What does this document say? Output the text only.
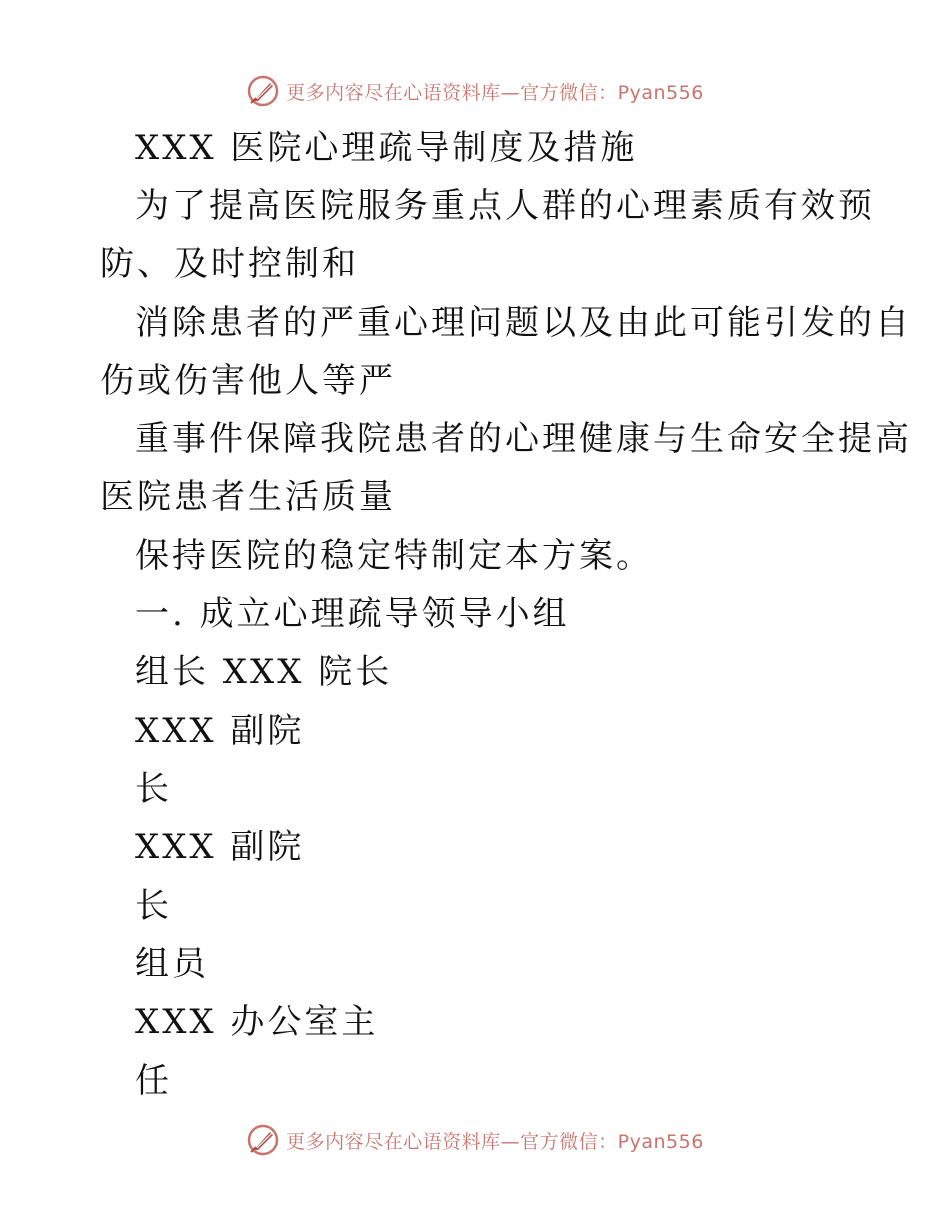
更多内容尽在心语资料库—官方微信：Pyan556
XXX 医院心理疏导制度及措施
为了提高医院服务重点人群的心理素质有效预
防、及时控制和
消除患者的严重心理问题以及由此可能引发的自
伤或伤害他人等严
重事件保障我院患者的心理健康与生命安全提高
医院患者生活质量
保持医院的稳定特制定本方案。
一. 成立心理疏导领导小组
组长 XXX 院长
XXX 副院
长
XXX 副院
长
组员
XXX 办公室主
任
更多内容尽在心语资料库—官方微信：Pyan556
